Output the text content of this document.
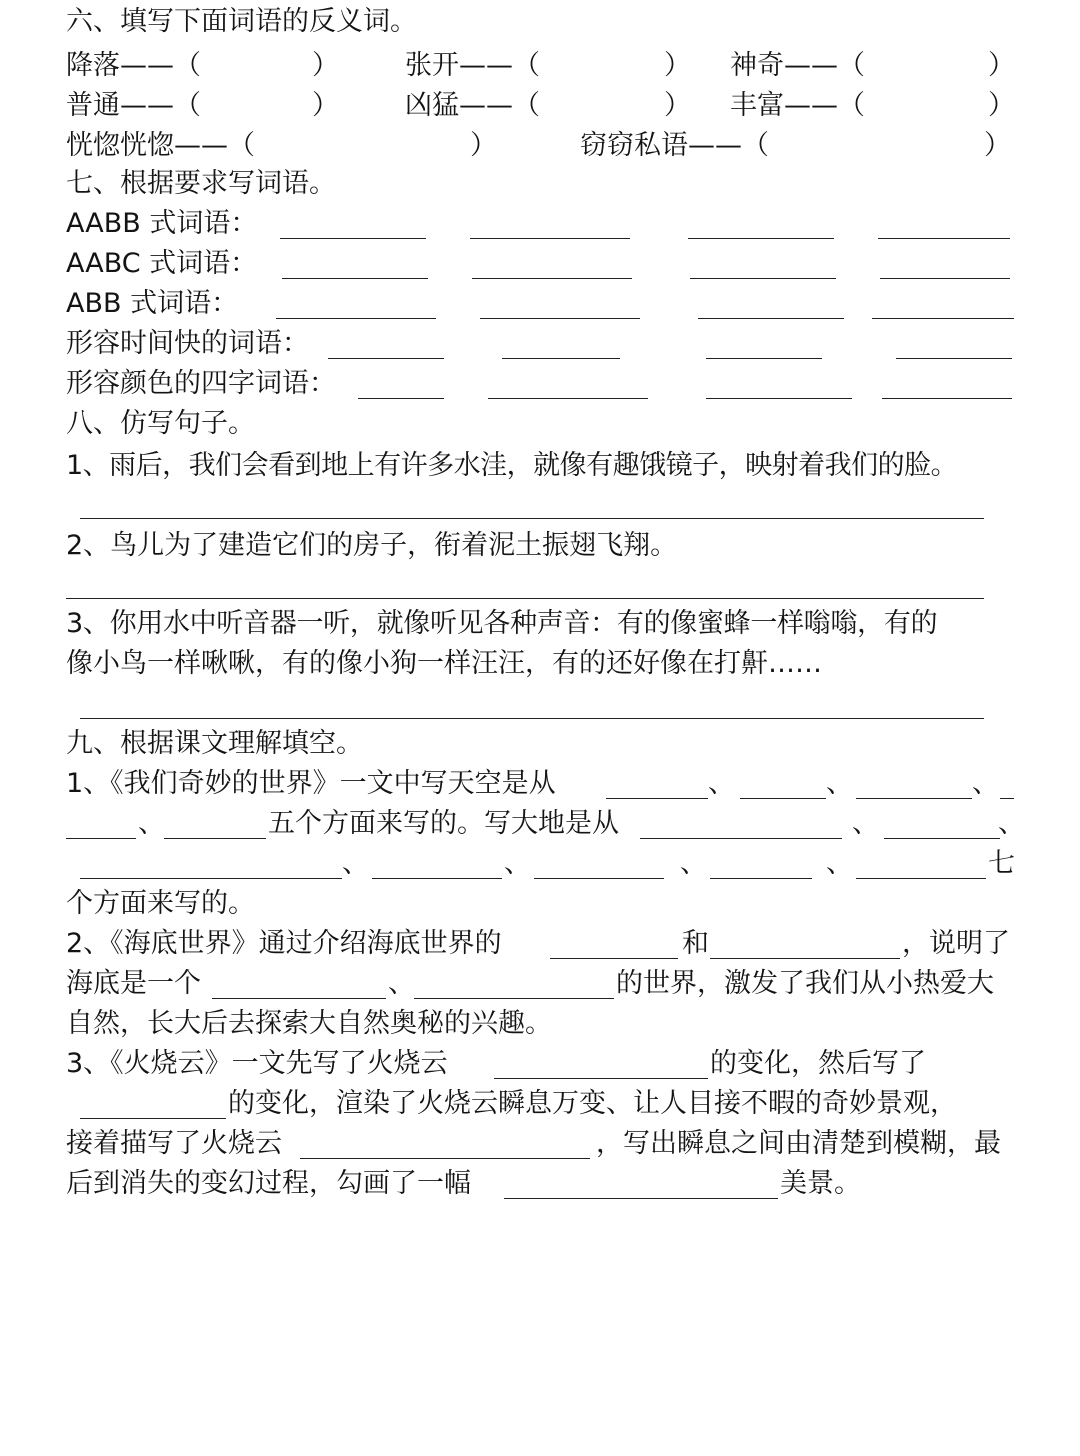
六、填写下面词语的反义词。
降落——（	） 张开——（	） 神奇——（	）
普通——（	） 凶猛——（	） 丰富——（	）
恍惚恍惚——（	）	窃窃私语——（	）
七、根据要求写词语。
AABB 式词语：
AABC 式词语：
ABB 式词语：
形容时间快的词语：
形容颜色的四字词语：
八、仿写句子。
1、雨后，我们会看到地上有许多水洼，就像有趣饿镜子，映射着我们的脸。
2、鸟儿为了建造它们的房子，衔着泥土振翅飞翔。
3、你用水中听音器一听，就像听见各种声音：有的像蜜蜂一样嗡嗡，有的
像小鸟一样啾啾，有的像小狗一样汪汪，有的还好像在打鼾……
九、根据课文理解填空。
1、《我们奇妙的世界》一文中写天空是从	、	、	、
、	五个方面来写的。写大地是从	、	、
、	、	、	、	七
个方面来写的。
2、《海底世界》通过介绍海底世界的	和	，说明了
海底是一个	、	的世界，激发了我们从小热爱大
自然，长大后去探索大自然奥秘的兴趣。
3、《火烧云》一文先写了火烧云	的变化，然后写了
的变化，渲染了火烧云瞬息万变、让人目接不暇的奇妙景观，
接着描写了火烧云	，写出瞬息之间由清楚到模糊，最
后到消失的变幻过程，勾画了一幅	美景。
